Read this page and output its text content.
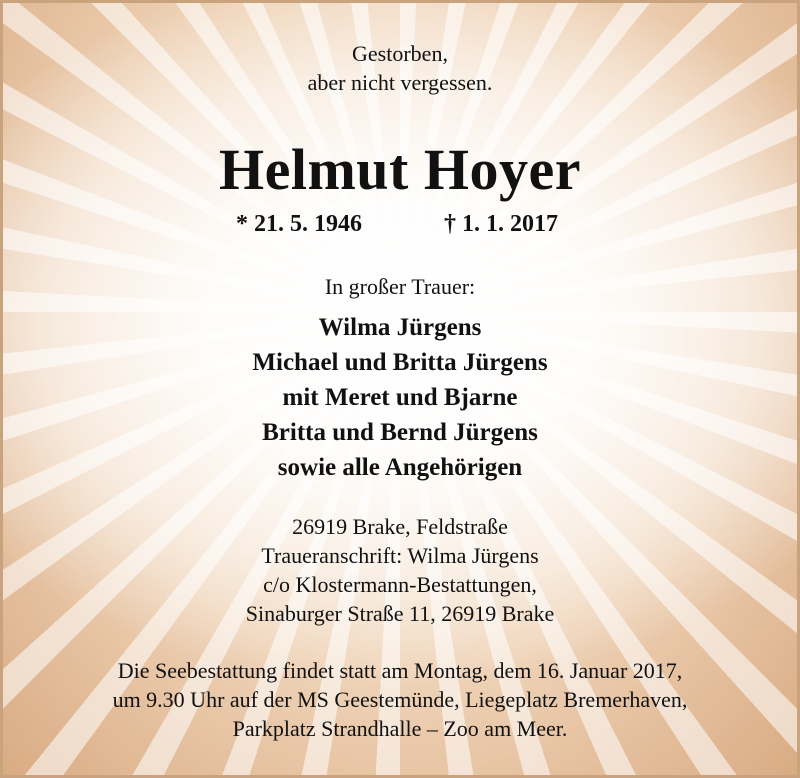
Gestorben,
aber nicht vergessen.
Helmut Hoyer
* 21. 5. 1946	† 1. 1. 2017
In großer Trauer:
Wilma Jürgens
Michael und Britta Jürgens
mit Meret und Bjarne
Britta und Bernd Jürgens
sowie alle Angehörigen
26919 Brake, Feldstraße
Traueranschrift: Wilma Jürgens
c/o Klostermann-Bestattungen,
Sinaburger Straße 11, 26919 Brake
Die Seebestattung findet statt am Montag, dem 16. Januar 2017,
um 9.30 Uhr auf der MS Geestemünde, Liegeplatz Bremerhaven,
Parkplatz Strandhalle – Zoo am Meer.
